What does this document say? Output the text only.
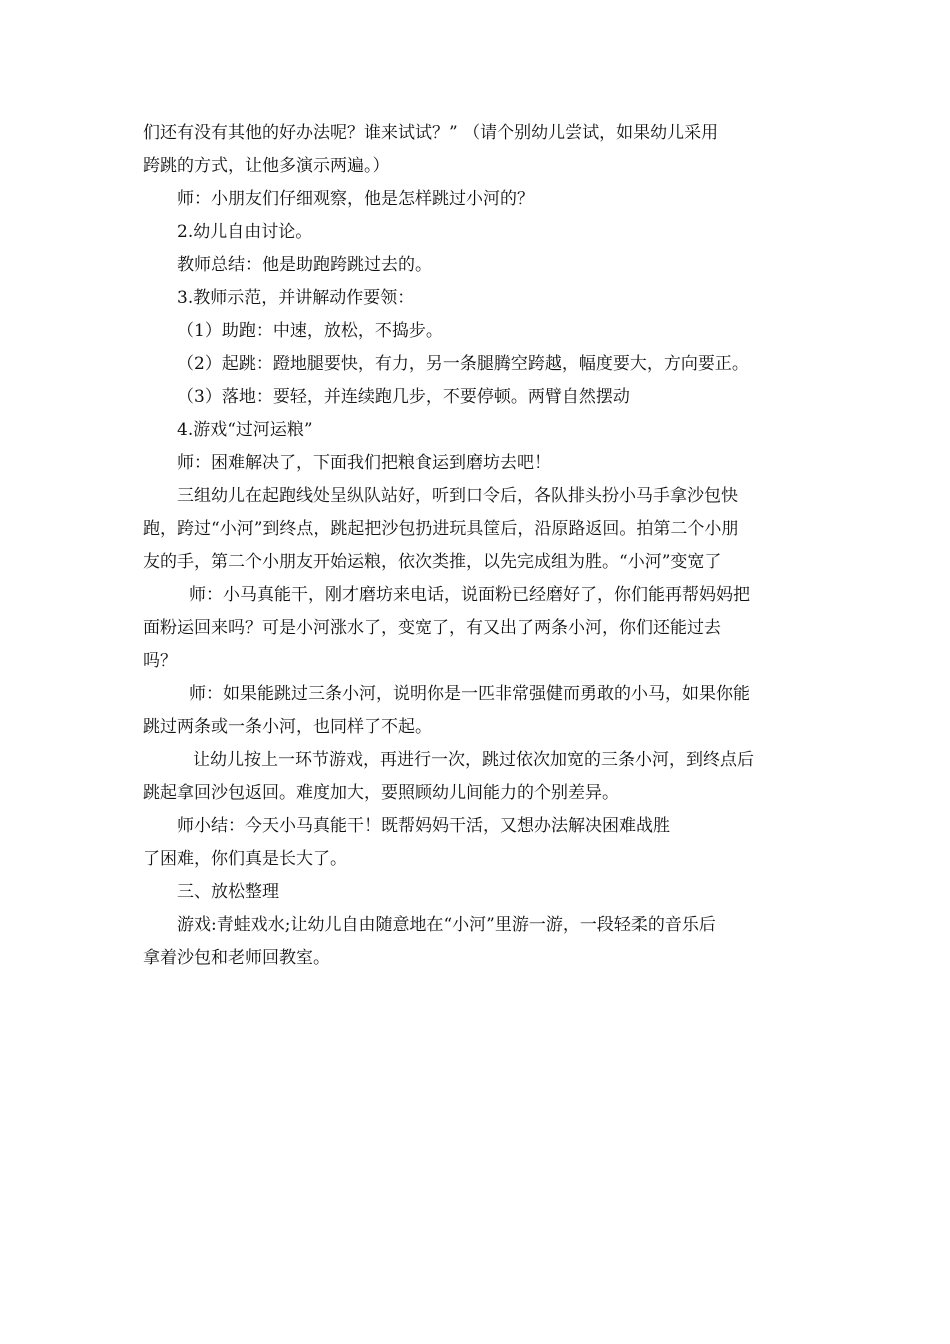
们还有没有其他的好办法呢？谁来试试？” （请个别幼儿尝试，如果幼儿采用
跨跳的方式，让他多演示两遍。）
师：小朋友们仔细观察，他是怎样跳过小河的？
2.幼儿自由讨论。
教师总结：他是助跑跨跳过去的。
3.教师示范，并讲解动作要领：
（1）助跑：中速，放松，不捣步。
（2）起跳：蹬地腿要快，有力，另一条腿腾空跨越，幅度要大，方向要正。
（3）落地：要轻，并连续跑几步，不要停顿。两臂自然摆动
4.游戏“过河运粮”
师：困难解决了，下面我们把粮食运到磨坊去吧！
三组幼儿在起跑线处呈纵队站好，听到口令后，各队排头扮小马手拿沙包快
跑，跨过“小河”到终点，跳起把沙包扔进玩具筐后，沿原路返回。拍第二个小朋
友的手，第二个小朋友开始运粮，依次类推，以先完成组为胜。“小河”变宽了
师：小马真能干，刚才磨坊来电话，说面粉已经磨好了，你们能再帮妈妈把
面粉运回来吗？可是小河涨水了，变宽了，有又出了两条小河，你们还能过去
吗？
师：如果能跳过三条小河，说明你是一匹非常强健而勇敢的小马，如果你能
跳过两条或一条小河，也同样了不起。
让幼儿按上一环节游戏，再进行一次，跳过依次加宽的三条小河，到终点后
跳起拿回沙包返回。难度加大，要照顾幼儿间能力的个别差异。
师小结：今天小马真能干！既帮妈妈干活，又想办法解决困难战胜
了困难，你们真是长大了。
三、放松整理
游戏:青蛙戏水;让幼儿自由随意地在“小河”里游一游，一段轻柔的音乐后
拿着沙包和老师回教室。
